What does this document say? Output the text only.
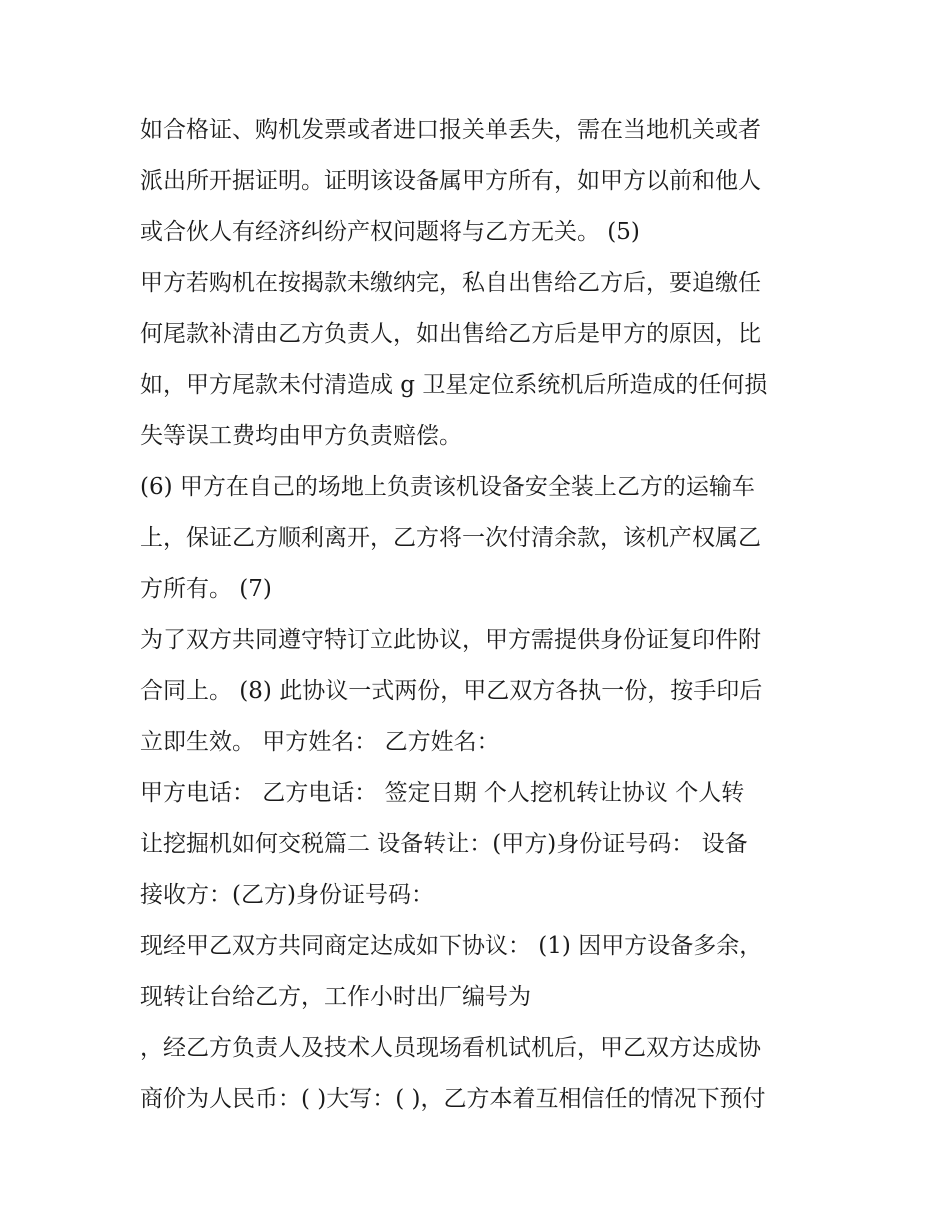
如合格证、购机发票或者进口报关单丢失，需在当地机关或者
派出所开据证明。证明该设备属甲方所有，如甲方以前和他人
或合伙人有经济纠纷产权问题将与乙方无关。 (5)
甲方若购机在按揭款未缴纳完，私自出售给乙方后，要追缴任
何尾款补清由乙方负责人，如出售给乙方后是甲方的原因，比
如，甲方尾款未付清造成 g 卫星定位系统机后所造成的任何损
失等误工费均由甲方负责赔偿。
(6) 甲方在自己的场地上负责该机设备安全装上乙方的运输车
上，保证乙方顺利离开，乙方将一次付清余款，该机产权属乙
方所有。 (7)
为了双方共同遵守特订立此协议，甲方需提供身份证复印件附
合同上。 (8) 此协议一式两份，甲乙双方各执一份，按手印后
立即生效。 甲方姓名： 乙方姓名：
甲方电话： 乙方电话： 签定日期 个人挖机转让协议 个人转
让挖掘机如何交税篇二 设备转让：(甲方)身份证号码： 设备
接收方：(乙方)身份证号码：
现经甲乙双方共同商定达成如下协议： (1) 因甲方设备多余，
现转让台给乙方，工作小时出厂编号为
，经乙方负责人及技术人员现场看机试机后，甲乙双方达成协
商价为人民币：( )大写：( )，乙方本着互相信任的情况下预付
